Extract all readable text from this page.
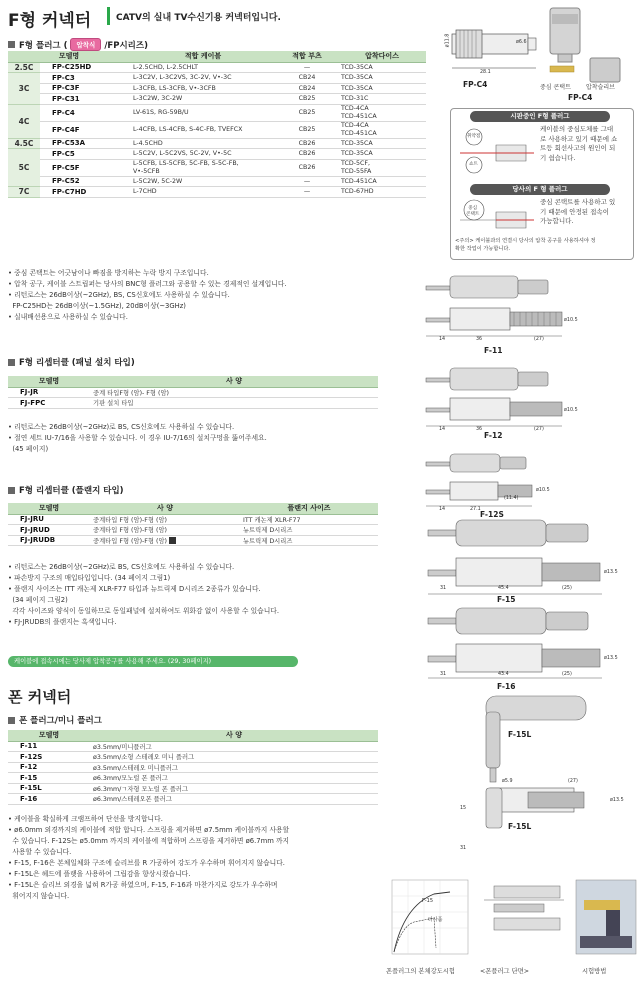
F형 커넥터	CATV의 실내 TV수신기용 커넥터입니다.
F형 플러그 (	압착식	/FP시리즈)
모델명		적합 케이블	적합 부츠	압착다이스
2.5C	FP-C25HD	L-2.5CHD, L-2.5CHLT	—	TCD-35CA
3C	FP-C3	L-3C2V, L-3C2VS, 3C-2V, V•-3C	CB24	TCD-35CA
	FP-C3F	L-3CFB, LS-3CFB, V•-3CFB	CB24	TCD-35CA
	FP-C31	L-3C2W, 3C-2W	CB25	TCD-31C
4C	FP-C4	LV-61S, RG-59B/U	CB25	TCD-4CA
TCD-451CA
	FP-C4F	L-4CFB, LS-4CFB, S-4C-FB, TVEFCX	CB25	TCD-4CA
TCD-451CA
4.5C	FP-C53A	L-4.5CHD	CB26	TCD-35CA
5C	FP-C5	L-5C2V, L-5C2VS, 5C-2V, V•-5C	CB26	TCD-35CA
	FP-C5F	L-5CFB, LS-5CFB, 5C-FB, S-5C-FB,
V•-5CFB	CB26	TCD-5CF,
TCD-55FA
	FP-C52	L-5C2W, 5C-2W	—	TCD-451CA
7C	FP-C7HD	L-7CHD	—	TCD-67HD
• 중심 콘택트는 어긋남이나 빠짐을 방지하는 누락 방지 구조입니다.
• 압착 공구, 케이블 스트립퍼는 당사의 BNC형 플러그와 공용할 수 있는 경제적인 설계입니다.
• 리턴로스는 26dB이상(~2GHz), BS, CS신호에도 사용하실 수 있습니다.
FP-C25HD는 26dB이상(~1.5GHz), 20dB이상(~3GHz)
• 실내배선용으로 사용하실 수 있습니다.
F형 리셉터클 (패널 설치 타입)
모델명	사 양
FJ-JR	중계 타입F형 (암)- F형 (암)
FJ-FPC	기판 설치 타입
• 리턴로스는 26dB이상(~2GHz)로 BS, CS신호에도 사용하실 수 있습니다.
• 절연 세트 IU-7/16을 사용할 수 있습니다. 이 경우 IU-7/16의 설치구멍을 뚫어주세요.
(45 페이지)
F형 리셉터클 (플랜지 타입)
모델명	사 양	플랜지 사이즈
FJ-JRU	중계타입 F형 (암)-F형 (암)	ITT 캐논제 XLR-F77
FJ-JRUD	중계타입 F형 (암)-F형 (암)	뉴트릭제 D시리즈
FJ-JRUDB	중계타입 F형 (암)-F형 (암)	뉴트릭제 D시리즈
• 리턴로스는 26dB이상(~2GHz)로 BS, CS신호에도 사용하실 수 있습니다.
• 파손방지 구조의 매입타입입니다. (34 페이지 그림1)
• 플랜지 사이즈는 ITT 캐논제 XLR-F77 타입과 뉴트릭제 D시리즈 2종류가 있습니다.
(34 페이지 그림2)
각각 사이즈와 양식이 동일하므로 동일패널에 설치하여도 위화감 없이 사용할 수 있습니다.
• FJ-JRUDB의 플랜지는 흑색입니다.
케이블에 접속시에는 당사제 압착공구를 사용해 주세요. (29, 30페이지)
폰 커넥터
폰 플러그/미니 플러그
모델명	사 양
F-11	ø3.5mm/미니플러그
F-12S	ø3.5mm/소형 스테레오 미니 플러그
F-12	ø3.5mm/스테레오 미니플러그
F-15	ø6.3mm/모노럴 폰 플러그
F-15L	ø6.3mm/ㄱ자형 모노럴 폰 플러그
F-16	ø6.3mm/스테레오폰 플러그
• 케이블을 확실하게 크램프하여 단선을 방지합니다.
• ø6.0mm 외경까지의 케이블에 적합 합니다. 스프링을 제거하면 ø7.5mm 케이블까지 사용할
수 있습니다. F-12S는 ø5.0mm 까지의 케이블에 적합하며 스프링을 제거하면 ø6.7mm 까지
사용할 수 있습니다.
• F-15, F-16은 본체일체화 구조에 슬리브를 R 가공하여 강도가 우수하며 휘어지지 않습니다.
• F-15L은 헤드에 플랫을 사용하여 그립감을 향상시켰습니다.
• F-15L은 슬리브 외경을 넓혀 R가공 하였으며, F-15, F-16과 마찬가지로 강도가 우수하며
휘어지지 않습니다.
ø11.8	ø6.6
28.1
FP-C4	중심 콘택트	압착슬리브
FP-C4
시판중인 F형 플러그
취약점
쇼트
케이블의 중심도체를 그대
로 사용하고 있기 때문에 쇼
트등 회선사고의 원인이 되
기 쉽습니다.
당사의 F 형 플러그
중심
콘택트
중심 콘택트를 사용하고 있
기 때문에 안정된 접속이
가능합니다.
<주의> 케이블과의 연결시 당사의 압착 공구를 사용하셔야 정
확한 작업이 가능합니다.
F-11
F-12
F-12S
F-15
F-16
14	36	(27)
ø10.5
14	36	(27)
ø10.5
14	27.1
(11.4)
ø10.5
31	45.4	(25)
ø13.5
31	43.4	(25)
ø13.5
F-15L
ø5.9	(27)
15
31
ø13.5
F-15L
F-15
타사품
폰플러그의 본체강도시험	<폰플러그 단면>	시험방법
